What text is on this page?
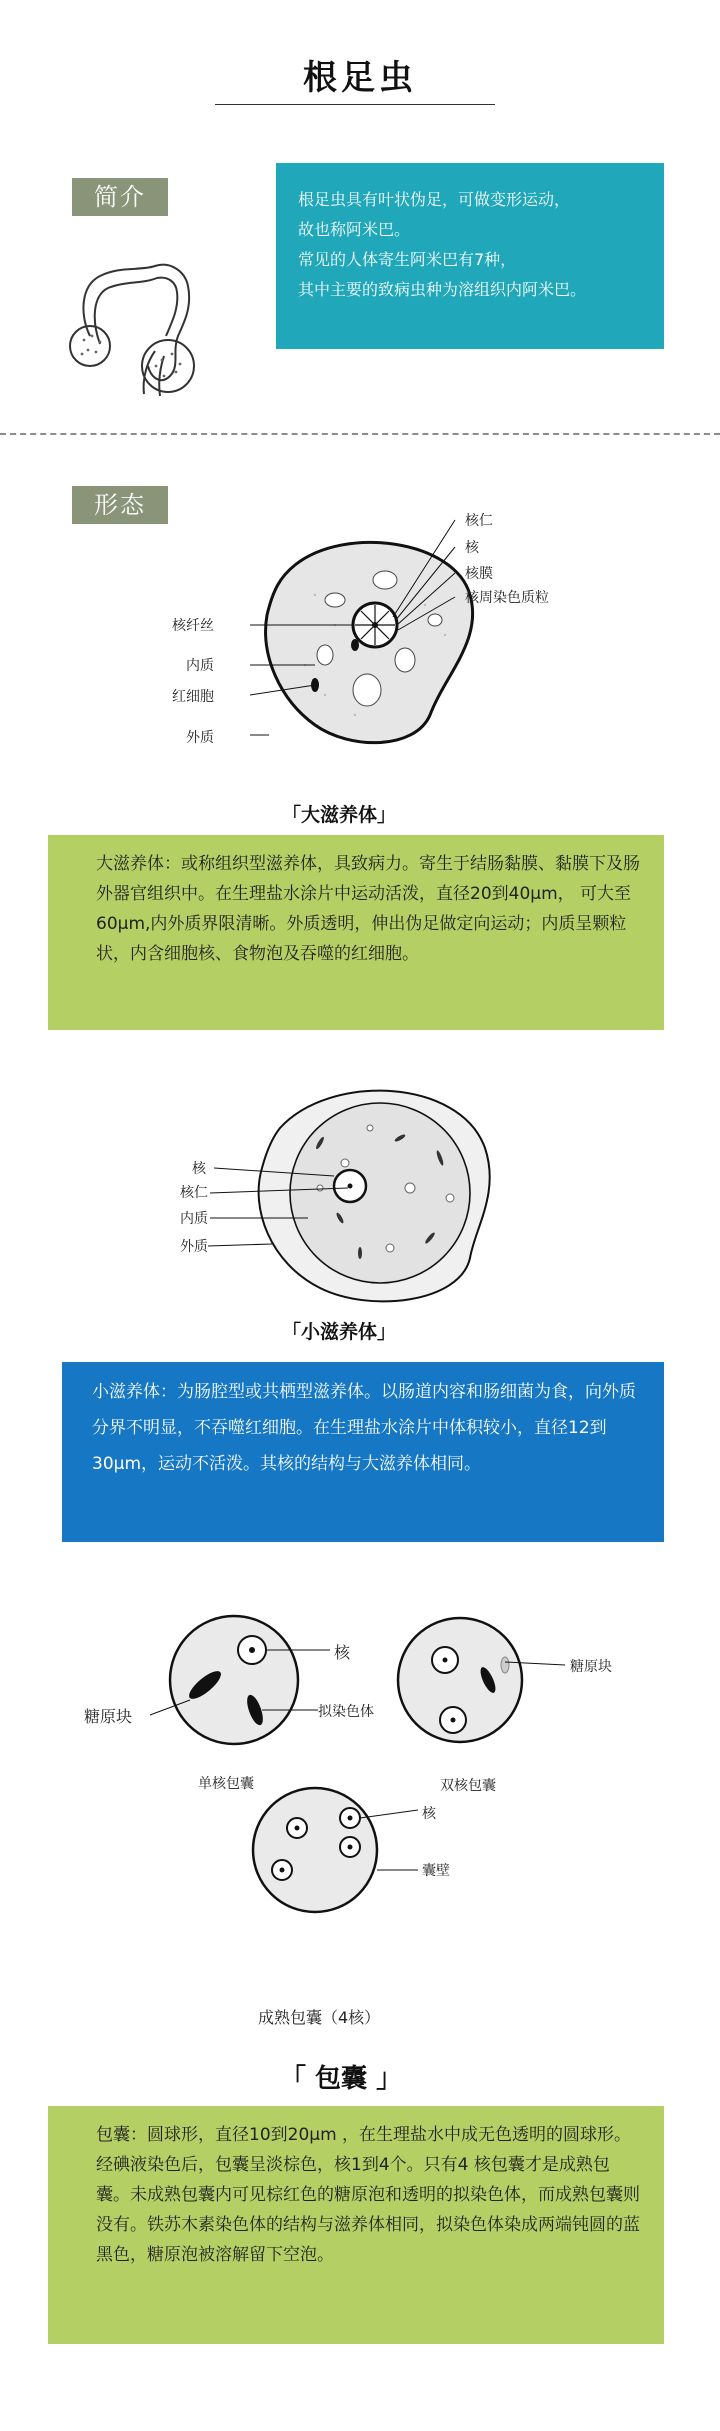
根足虫
简介	根足虫具有叶状伪足，可做变形运动，

故也称阿米巴。

常见的人体寄生阿米巴有7种，

其中主要的致病虫种为溶组织内阿米巴。

形态
核仁
核
核膜
核周染色质粒
核纤丝
内质
红细胞
外质
「大滋养体」
大滋养体：或称组织型滋养体，具致病力。寄生于结肠黏膜、黏膜下及肠外器官组织中。在生理盐水涂片中运动活泼，直径20到40μm， 可大至60μm,内外质界限清晰。外质透明，伸出伪足做定向运动；内质呈颗粒状，内含细胞核、食物泡及吞噬的红细胞。
核
核仁
内质
外质
「小滋养体」
小滋养体：为肠腔型或共栖型滋养体。以肠道内容和肠细菌为食，向外质分界不明显，不吞噬红细胞。在生理盐水涂片中体积较小，直径12到30μm，运动不活泼。其核的结构与大滋养体相同。
核
糖原块	拟染色体
糖原块
核
囊壁
单核包囊	双核包囊
成熟包囊（4核）
「 包囊 」
包囊：圆球形，直径10到20μm ，在生理盐水中成无色透明的圆球形。经碘液染色后，包囊呈淡棕色，核1到4个。只有4 核包囊才是成熟包囊。未成熟包囊内可见棕红色的糖原泡和透明的拟染色体，而成熟包囊则没有。铁苏木素染色体的结构与滋养体相同，拟染色体染成两端钝圆的蓝黑色，糖原泡被溶解留下空泡。
